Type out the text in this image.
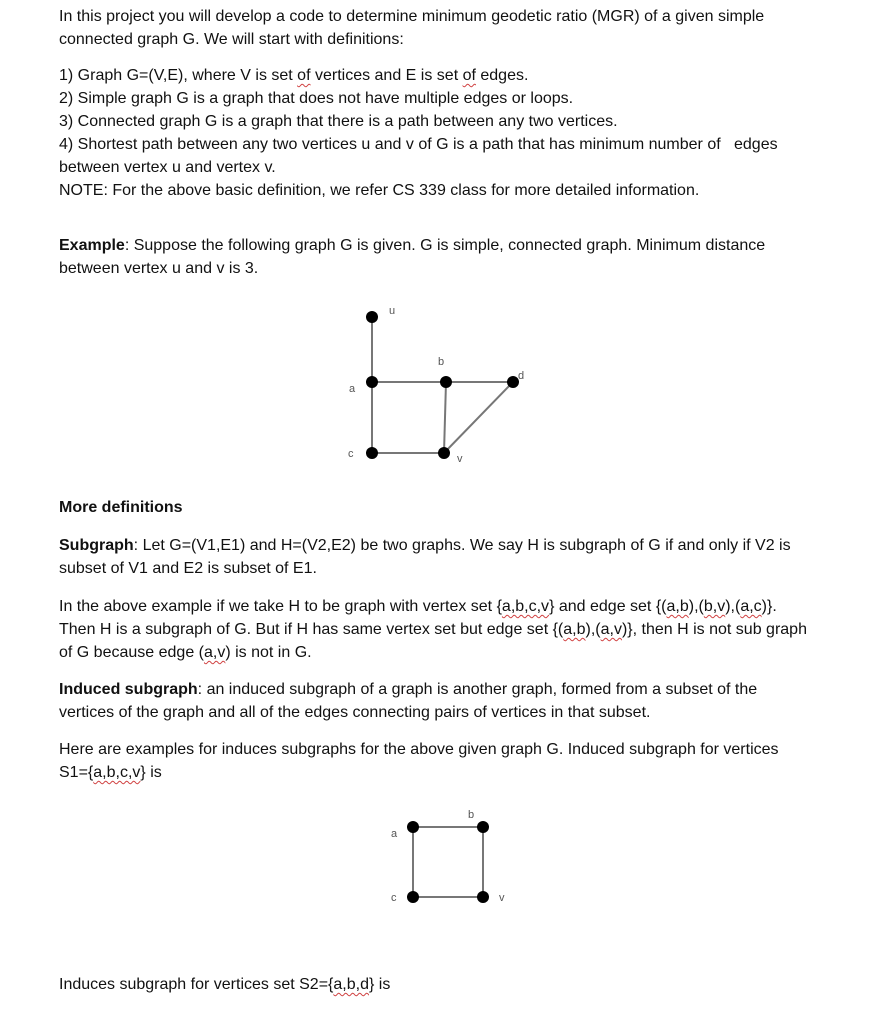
In this project you will develop a code to determine minimum geodetic ratio (MGR) of a given simple
connected graph G. We will start with definitions:

1) Graph G=(V,E), where V is set of vertices and E is set of edges.
2) Simple graph G is a graph that does not have multiple edges or loops.
3) Connected graph G is a graph that there is a path between any two vertices.
4) Shortest path between any two vertices u and v of G is a path that has minimum number of   edges
between vertex u and vertex v.
NOTE: For the above basic definition, we refer CS 339 class for more detailed information.

Example: Suppose the following graph G is given. G is simple, connected graph. Minimum distance
between vertex u and v is 3.

u
a
b
d
c	v

More definitions

Subgraph: Let G=(V1,E1) and H=(V2,E2) be two graphs. We say H is subgraph of G if and only if V2 is
subset of V1 and E2 is subset of E1.

In the above example if we take H to be graph with vertex set {a,b,c,v} and edge set {(a,b),(b,v),(a,c)}.
Then H is a subgraph of G. But if H has same vertex set but edge set {(a,b),(a,v)}, then H is not sub graph
of G because edge (a,v) is not in G.

Induced subgraph: an induced subgraph of a graph is another graph, formed from a subset of the
vertices of the graph and all of the edges connecting pairs of vertices in that subset.

Here are examples for induces subgraphs for the above given graph G. Induced subgraph for vertices
S1={a,b,c,v} is

a
b
c	v

Induces subgraph for vertices set S2={a,b,d} is
